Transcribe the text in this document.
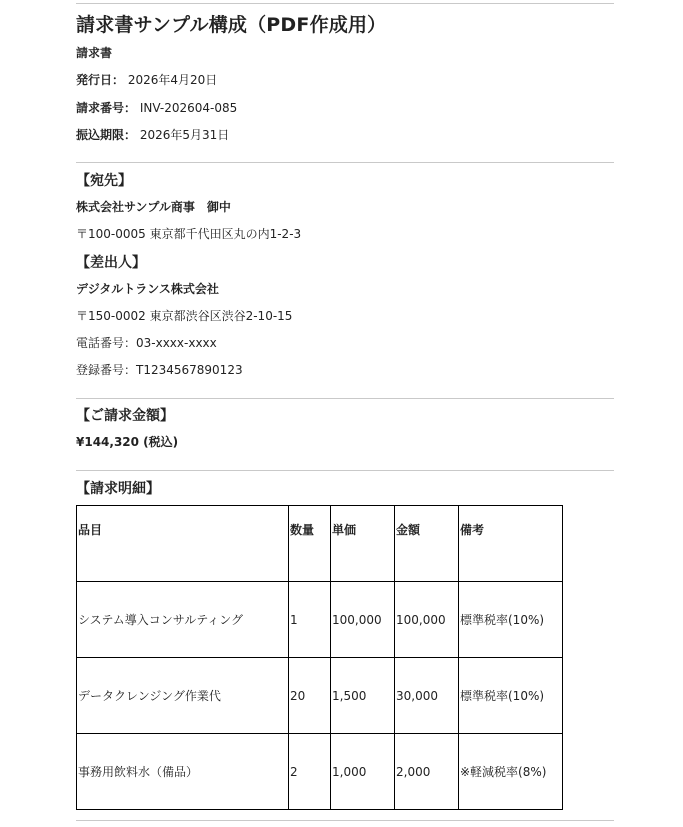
請求書サンプル構成（PDF作成用）
請求書
発行日： 2026年4月20日
請求番号： INV-202604-085
振込期限： 2026年5月31日
【宛先】
株式会社サンプル商事　御中
〒100-0005 東京都千代田区丸の内1-2-3
【差出人】
デジタルトランス株式会社
〒150-0002 東京都渋谷区渋谷2-10-15
電話番号：03-xxxx-xxxx
登録番号：T1234567890123
【ご請求金額】
¥144,320 (税込)
【請求明細】
品目	数量	単価	金額	備考
システム導入コンサルティング	1	100,000	100,000	標準税率(10%)
データクレンジング作業代	20	1,500	30,000	標準税率(10%)
事務用飲料水（備品）	2	1,000	2,000	※軽減税率(8%)
